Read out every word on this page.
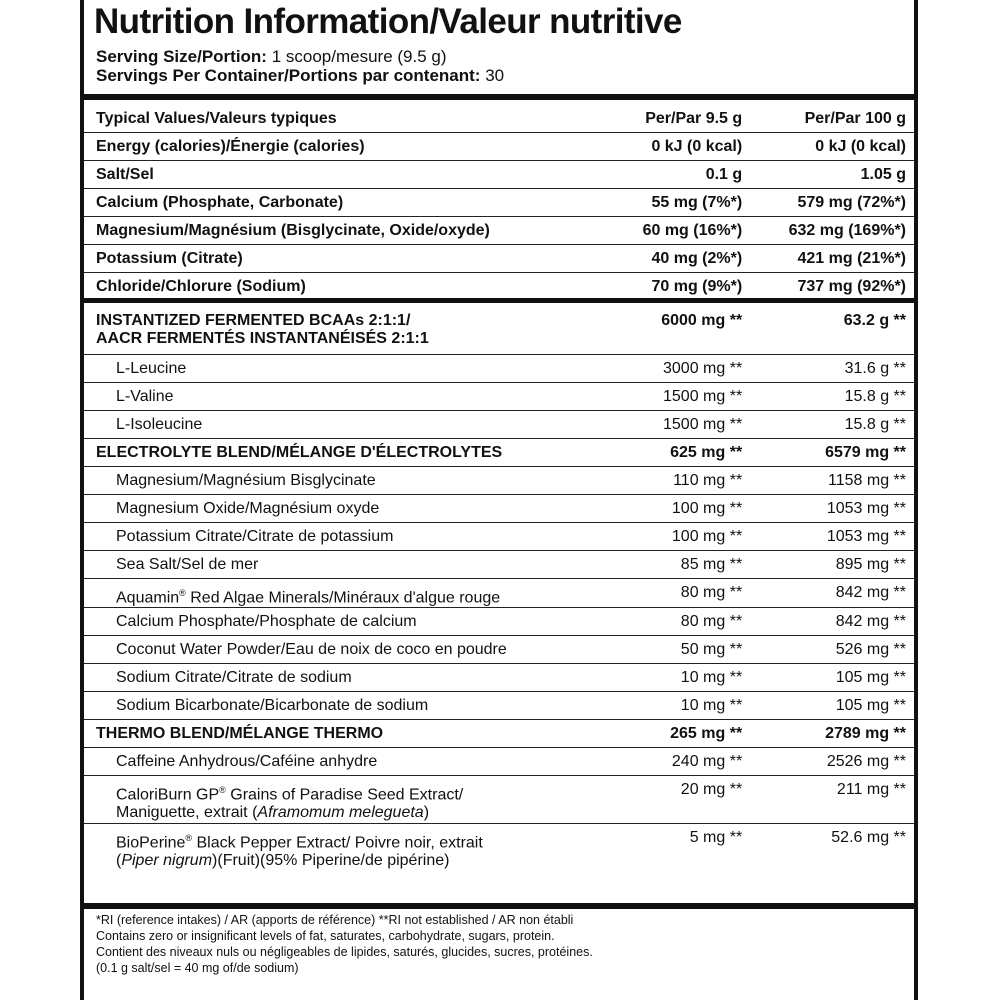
Nutrition Information/Valeur nutritive
Serving Size/Portion: 1 scoop/mesure (9.5 g)
Servings Per Container/Portions par contenant: 30
Typical Values/Valeurs typiques	Per/Par 9.5 g	Per/Par 100 g
Energy (calories)/Énergie (calories)	0 kJ (0 kcal)	0 kJ (0 kcal)
Salt/Sel	0.1 g	1.05 g
Calcium (Phosphate, Carbonate)	55 mg (7%*)	579 mg (72%*)
Magnesium/Magnésium (Bisglycinate, Oxide/oxyde)	60 mg (16%*)	632 mg (169%*)
Potassium (Citrate)	40 mg (2%*)	421 mg (21%*)
Chloride/Chlorure (Sodium)	70 mg (9%*)	737 mg (92%*)

INSTANTIZED FERMENTED BCAAs 2:1:1/
AACR FERMENTÉS INSTANTANÉISÉS 2:1:1	6000 mg **	63.2 g **
L-Leucine	3000 mg **	31.6 g **
L-Valine	1500 mg **	15.8 g **
L-Isoleucine	1500 mg **	15.8 g **
ELECTROLYTE BLEND/MÉLANGE D'ÉLECTROLYTES	625 mg **	6579 mg **
Magnesium/Magnésium Bisglycinate	110 mg **	1158 mg **
Magnesium Oxide/Magnésium oxyde	100 mg **	1053 mg **
Potassium Citrate/Citrate de potassium	100 mg **	1053 mg **
Sea Salt/Sel de mer	85 mg **	895 mg **
Aquamin® Red Algae Minerals/Minéraux d'algue rouge	80 mg **	842 mg **
Calcium Phosphate/Phosphate de calcium	80 mg **	842 mg **
Coconut Water Powder/Eau de noix de coco en poudre	50 mg **	526 mg **
Sodium Citrate/Citrate de sodium	10 mg **	105 mg **
Sodium Bicarbonate/Bicarbonate de sodium	10 mg **	105 mg **
THERMO BLEND/MÉLANGE THERMO	265 mg **	2789 mg **
Caffeine Anhydrous/Caféine anhydre	240 mg **	2526 mg **

CaloriBurn GP® Grains of Paradise Seed Extract/
Maniguette, extrait (Aframomum melegueta)	20 mg **	211 mg **

BioPerine® Black Pepper Extract/ Poivre noir, extrait
(Piper nigrum)(Fruit)(95% Piperine/de pipérine)	5 mg **	52.6 mg **
*RI (reference intakes) / AR (apports de référence) **RI not established / AR non établi
Contains zero or insignificant levels of fat, saturates, carbohydrate, sugars, protein.
Contient des niveaux nuls ou négligeables de lipides, saturés, glucides, sucres, protéines.
(0.1 g salt/sel = 40 mg of/de sodium)
